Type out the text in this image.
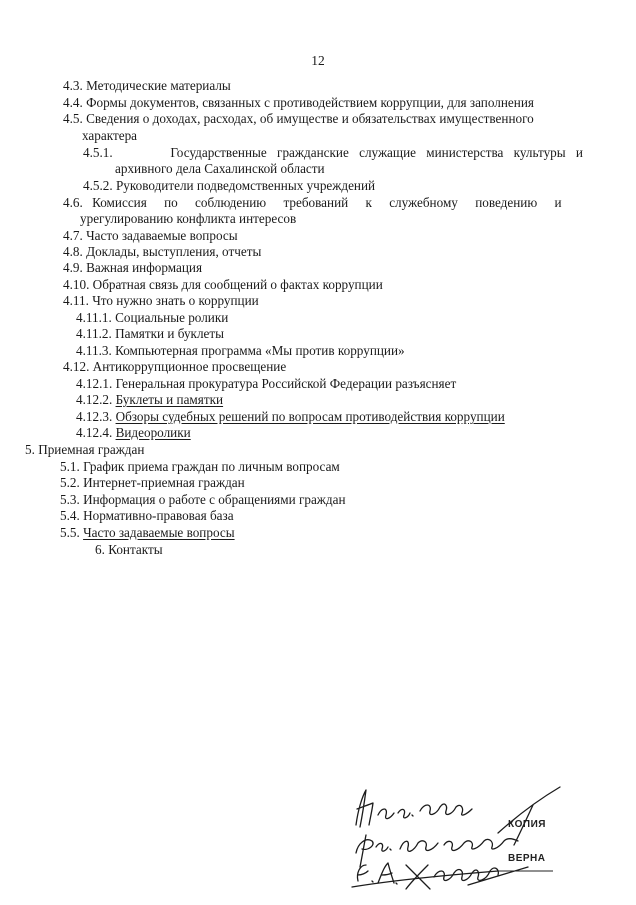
12
4.3. Методические материалы
4.4. Формы документов, связанных с противодействием коррупции, для заполнения
4.5. Сведения о доходах, расходах, об имуществе и обязательствах имущественного
характера
4.5.1.	Государственные гражданские служащие министерства культуры и
архивного дела Сахалинской области
4.5.2. Руководители подведомственных учреждений
4.6. Комиссия по соблюдению требований к служебному поведению и
урегулированию конфликта интересов
4.7. Часто задаваемые вопросы
4.8. Доклады, выступления, отчеты
4.9. Важная информация
4.10. Обратная связь для сообщений о фактах коррупции
4.11. Что нужно знать о коррупции
4.11.1. Социальные ролики
4.11.2. Памятки и буклеты
4.11.3. Компьютерная программа «Мы против коррупции»
4.12. Антикоррупционное просвещение
4.12.1. Генеральная прокуратура Российской Федерации разъясняет
4.12.2. Буклеты и памятки
4.12.3. Обзоры судебных решений по вопросам противодействия коррупции
4.12.4. Видеоролики
5. Приемная граждан
5.1. График приема граждан по личным вопросам
5.2. Интернет-приемная граждан
5.3. Информация о работе с обращениями граждан
5.4. Нормативно-правовая база
5.5. Часто задаваемые вопросы
6. Контакты
КОПИЯ
ВЕРНА
